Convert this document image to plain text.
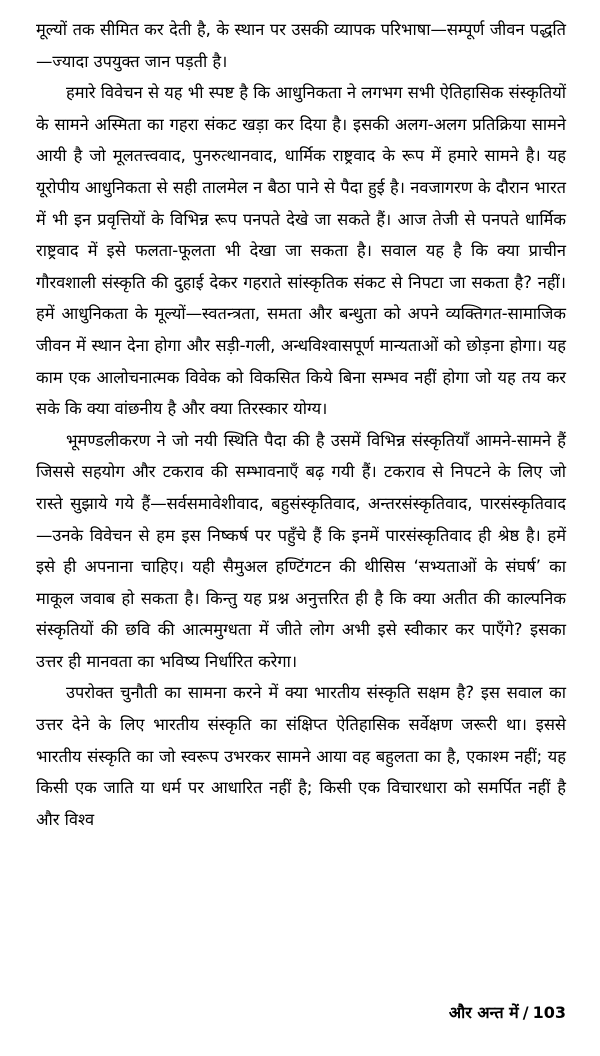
मूल्यों तक सीमित कर देती है, के स्थान पर उसकी व्यापक परिभाषा—सम्पूर्ण जीवन पद्धति—ज्यादा उपयुक्त जान पड़ती है।

हमारे विवेचन से यह भी स्पष्ट है कि आधुनिकता ने लगभग सभी ऐतिहासिक संस्कृतियों के सामने अस्मिता का गहरा संकट खड़ा कर दिया है। इसकी अलग-अलग प्रतिक्रिया सामने आयी है जो मूलतत्त्ववाद, पुनरुत्थानवाद, धार्मिक राष्ट्रवाद के रूप में हमारे सामने है। यह यूरोपीय आधुनिकता से सही तालमेल न बैठा पाने से पैदा हुई है। नवजागरण के दौरान भारत में भी इन प्रवृत्तियों के विभिन्न रूप पनपते देखे जा सकते हैं। आज तेजी से पनपते धार्मिक राष्ट्रवाद में इसे फलता-फूलता भी देखा जा सकता है। सवाल यह है कि क्या प्राचीन गौरवशाली संस्कृति की दुहाई देकर गहराते सांस्कृतिक संकट से निपटा जा सकता है? नहीं। हमें आधुनिकता के मूल्यों—स्वतन्त्रता, समता और बन्धुता को अपने व्यक्तिगत-सामाजिक जीवन में स्थान देना होगा और सड़ी-गली, अन्धविश्वासपूर्ण मान्यताओं को छोड़ना होगा। यह काम एक आलोचनात्मक विवेक को विकसित किये बिना सम्भव नहीं होगा जो यह तय कर सके कि क्या वांछनीय है और क्या तिरस्कार योग्य।

भूमण्डलीकरण ने जो नयी स्थिति पैदा की है उसमें विभिन्न संस्कृतियाँ आमने-सामने हैं जिससे सहयोग और टकराव की सम्भावनाएँ बढ़ गयी हैं। टकराव से निपटने के लिए जो रास्ते सुझाये गये हैं—सर्वसमावेशीवाद, बहुसंस्कृतिवाद, अन्तरसंस्कृतिवाद, पारसंस्कृतिवाद—उनके विवेचन से हम इस निष्कर्ष पर पहुँचे हैं कि इनमें पारसंस्कृतिवाद ही श्रेष्ठ है। हमें इसे ही अपनाना चाहिए। यही सैमुअल हण्टिंगटन की थीसिस ‘सभ्यताओं के संघर्ष’ का माकूल जवाब हो सकता है। किन्तु यह प्रश्न अनुत्तरित ही है कि क्या अतीत की काल्पनिक संस्कृतियों की छवि की आत्ममुग्धता में जीते लोग अभी इसे स्वीकार कर पाएँगे? इसका उत्तर ही मानवता का भविष्य निर्धारित करेगा।

उपरोक्त चुनौती का सामना करने में क्या भारतीय संस्कृति सक्षम है? इस सवाल का उत्तर देने के लिए भारतीय संस्कृति का संक्षिप्त ऐतिहासिक सर्वेक्षण जरूरी था। इससे भारतीय संस्कृति का जो स्वरूप उभरकर सामने आया वह बहुलता का है, एकाश्म नहीं; यह किसी एक जाति या धर्म पर आधारित नहीं है; किसी एक विचारधारा को समर्पित नहीं है और विश्व

और अन्त में / 103
